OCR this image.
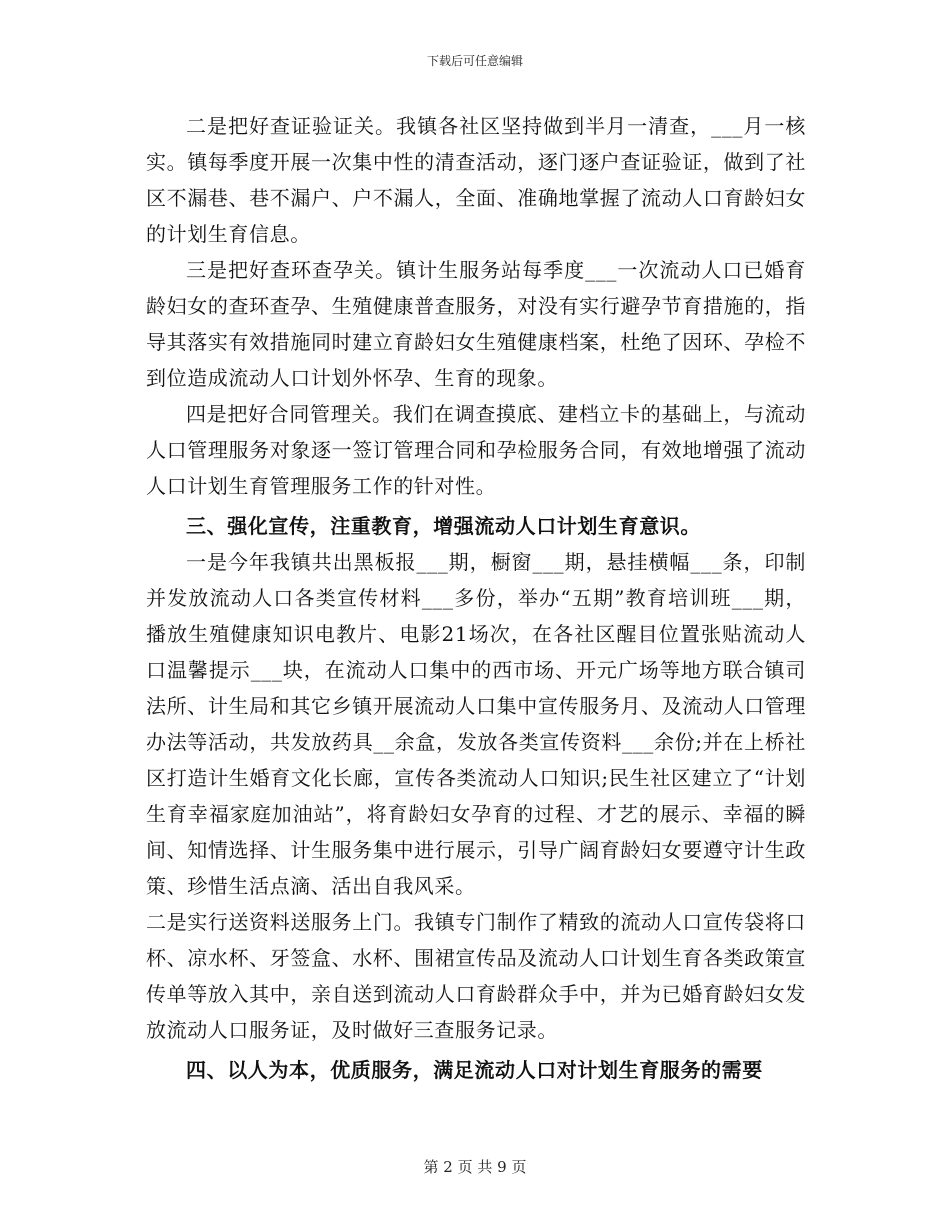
下载后可任意编辑

二是把好查证验证关。我镇各社区坚持做到半月一清查，___月一核实。镇每季度开展一次集中性的清查活动，逐门逐户查证验证，做到了社区不漏巷、巷不漏户、户不漏人，全面、准确地掌握了流动人口育龄妇女的计划生育信息。

三是把好查环查孕关。镇计生服务站每季度___一次流动人口已婚育龄妇女的查环查孕、生殖健康普查服务，对没有实行避孕节育措施的，指导其落实有效措施同时建立育龄妇女生殖健康档案，杜绝了因环、孕检不到位造成流动人口计划外怀孕、生育的现象。

四是把好合同管理关。我们在调查摸底、建档立卡的基础上，与流动人口管理服务对象逐一签订管理合同和孕检服务合同，有效地增强了流动人口计划生育管理服务工作的针对性。

三、强化宣传，注重教育，增强流动人口计划生育意识。

一是今年我镇共出黑板报___期，橱窗___期，悬挂横幅___条，印制并发放流动人口各类宣传材料___多份，举办“五期”教育培训班___期，播放生殖健康知识电教片、电影21场次，在各社区醒目位置张贴流动人口温馨提示___块，在流动人口集中的西市场、开元广场等地方联合镇司法所、计生局和其它乡镇开展流动人口集中宣传服务月、及流动人口管理办法等活动，共发放药具__余盒，发放各类宣传资料___余份;并在上桥社区打造计生婚育文化长廊，宣传各类流动人口知识;民生社区建立了“计划生育幸福家庭加油站”，将育龄妇女孕育的过程、才艺的展示、幸福的瞬间、知情选择、计生服务集中进行展示，引导广阔育龄妇女要遵守计生政策、珍惜生活点滴、活出自我风采。

二是实行送资料送服务上门。我镇专门制作了精致的流动人口宣传袋将口杯、凉水杯、牙签盒、水杯、围裙宣传品及流动人口计划生育各类政策宣传单等放入其中，亲自送到流动人口育龄群众手中，并为已婚育龄妇女发放流动人口服务证，及时做好三查服务记录。

四、以人为本，优质服务，满足流动人口对计划生育服务的需要

第 2 页 共 9 页
